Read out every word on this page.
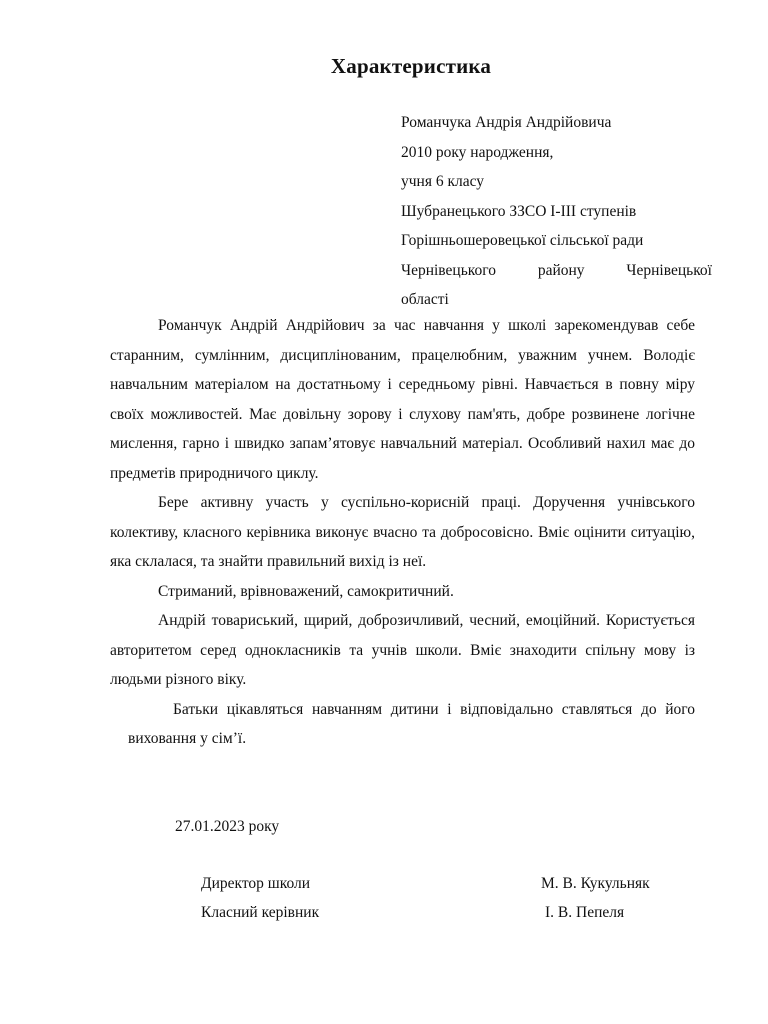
Характеристика
Романчука Андрія Андрійовича
2010 року народження,
учня 6 класу
Шубранецького ЗЗСО І-ІІІ ступенів
Горішньошеровецької сільської ради
Чернівецького району Чернівецької
області

Романчук Андрій Андрійович за час навчання у школі зарекомендував себе старанним, сумлінним, дисциплінованим, працелюбним, уважним учнем. Володіє навчальним матеріалом на достатньому і середньому рівні. Навчається в повну міру своїх можливостей. Має довільну зорову і слухову пам'ять, добре розвинене логічне мислення, гарно і швидко запам’ятовує навчальний матеріал. Особливий нахил має до предметів природничого циклу.

Бере активну участь у суспільно-корисній праці. Доручення учнівського колективу, класного керівника виконує вчасно та добросовісно. Вміє оцінити ситуацію, яка склалася, та знайти правильний вихід із неї.

Стриманий, врівноважений, самокритичний.

Андрій товариський, щирий, доброзичливий, чесний, емоційний. Користується авторитетом серед однокласників та учнів школи. Вміє знаходити спільну мову із людьми різного віку.

Батьки цікавляться навчанням дитини і відповідально ставляться до його виховання у сім’ї.

27.01.2023 року
Директор школи	М. В. Кукульняк
Класний керівник	І. В. Пепеля
